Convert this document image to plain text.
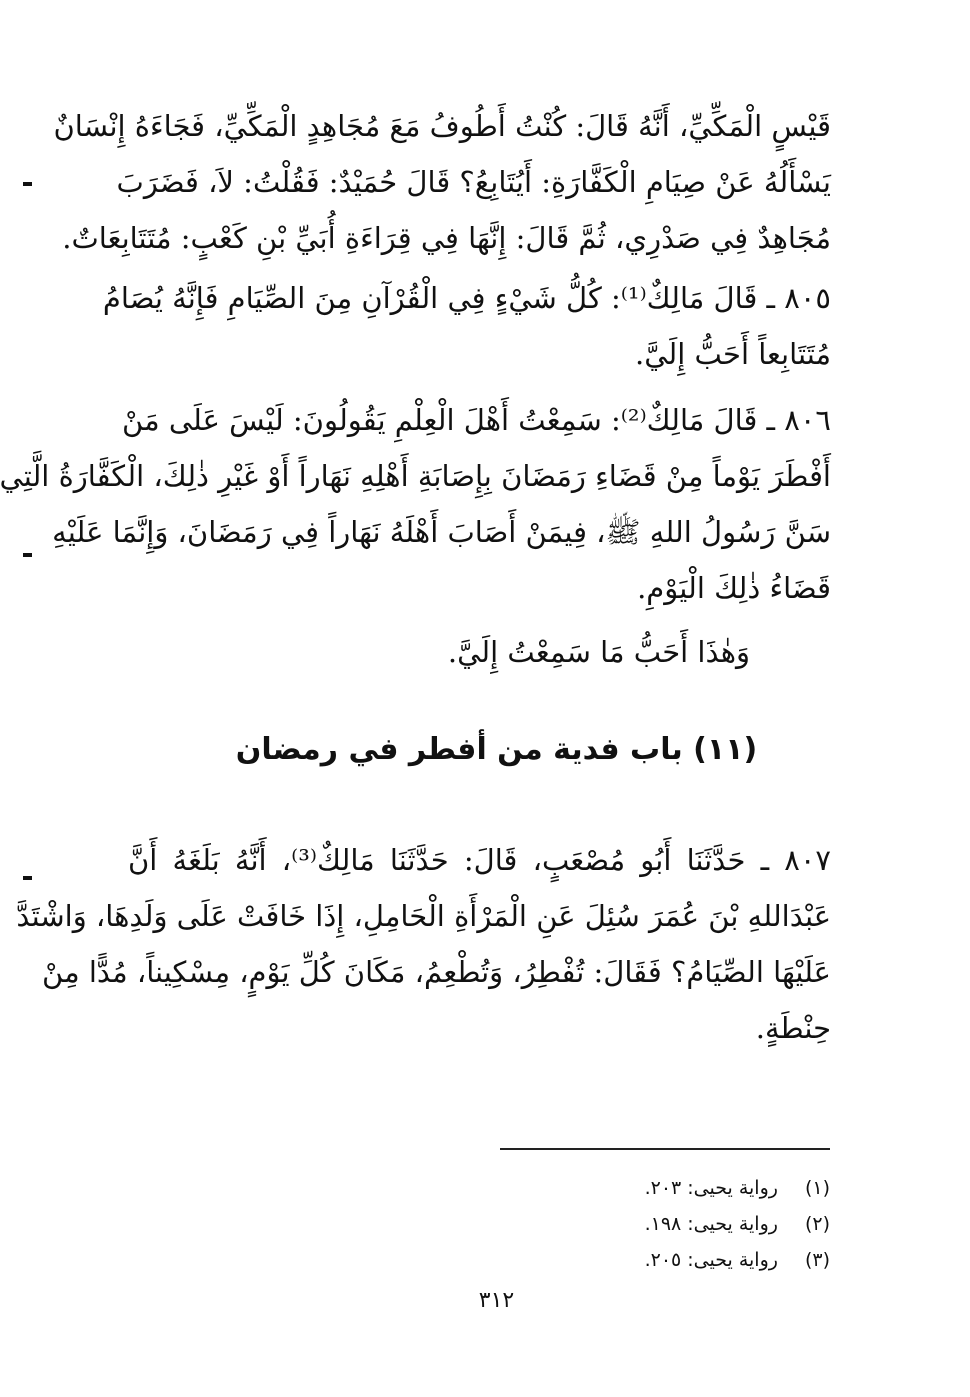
قَيْسٍ الْمَكِّيِّ، أَنَّهُ قَالَ: كُنْتُ أَطُوفُ مَعَ مُجَاهِدٍ الْمَكِّيِّ، فَجَاءَهُ إِنْسَانٌ
يَسْأَلُهُ عَنْ صِيَامِ الْكَفَّارَةِ: أَيُتَابِعُ؟ قَالَ حُمَيْدٌ: فَقُلْتُ: لاَ، فَضَرَبَ
مُجَاهِدٌ فِي صَدْرِي، ثُمَّ قَالَ: إِنَّهَا فِي قِرَاءَةِ أُبَيِّ بْنِ كَعْبٍ: مُتَتَابِعَاتٌ.
٨٠٥ ـ قَالَ مَالِكٌ⁽¹⁾: كُلُّ شَيْءٍ فِي الْقُرْآنِ مِنَ الصِّيَامِ فَإِنَّهُ يُصَامُ
مُتَتَابِعاً أَحَبُّ إِلَيَّ.
٨٠٦ ـ قَالَ مَالِكٌ⁽²⁾: سَمِعْتُ أَهْلَ الْعِلْمِ يَقُولُونَ: لَيْسَ عَلَى مَنْ
أَفْطَرَ يَوْماً مِنْ قَضَاءِ رَمَضَانَ بِإِصَابَةِ أَهْلِهِ نَهَاراً أَوْ غَيْرِ ذٰلِكَ، الْكَفَّارَةُ الَّتِي
سَنَّ رَسُولُ اللهِ ﷺ، فِيمَنْ أَصَابَ أَهْلَهُ نَهَاراً فِي رَمَضَانَ، وَإِنَّمَا عَلَيْهِ
قَضَاءُ ذٰلِكَ الْيَوْمِ.
وَهٰذَا أَحَبُّ مَا سَمِعْتُ إِلَيَّ.
(١١) باب فدية من أفطر في رمضان
٨٠٧ ـ حَدَّثَنَا أَبُو مُصْعَبٍ، قَالَ: حَدَّثَنَا مَالِكٌ⁽³⁾، أَنَّهُ بَلَغَهُ أَنَّ
عَبْدَاللهِ بْنَ عُمَرَ سُئِلَ عَنِ الْمَرْأَةِ الْحَامِلِ، إِذَا خَافَتْ عَلَى وَلَدِهَا، وَاشْتَدَّ
عَلَيْهَا الصِّيَامُ؟ فَقَالَ: تُفْطِرُ، وَتُطْعِمُ، مَكَانَ كُلِّ يَوْمٍ، مِسْكِيناً، مُدًّا مِنْ
حِنْطَةٍ.
(١) رواية يحيى: ٢٠٣.
(٢) رواية يحيى: ١٩٨.
(٣) رواية يحيى: ٢٠٥.
٣١٢
